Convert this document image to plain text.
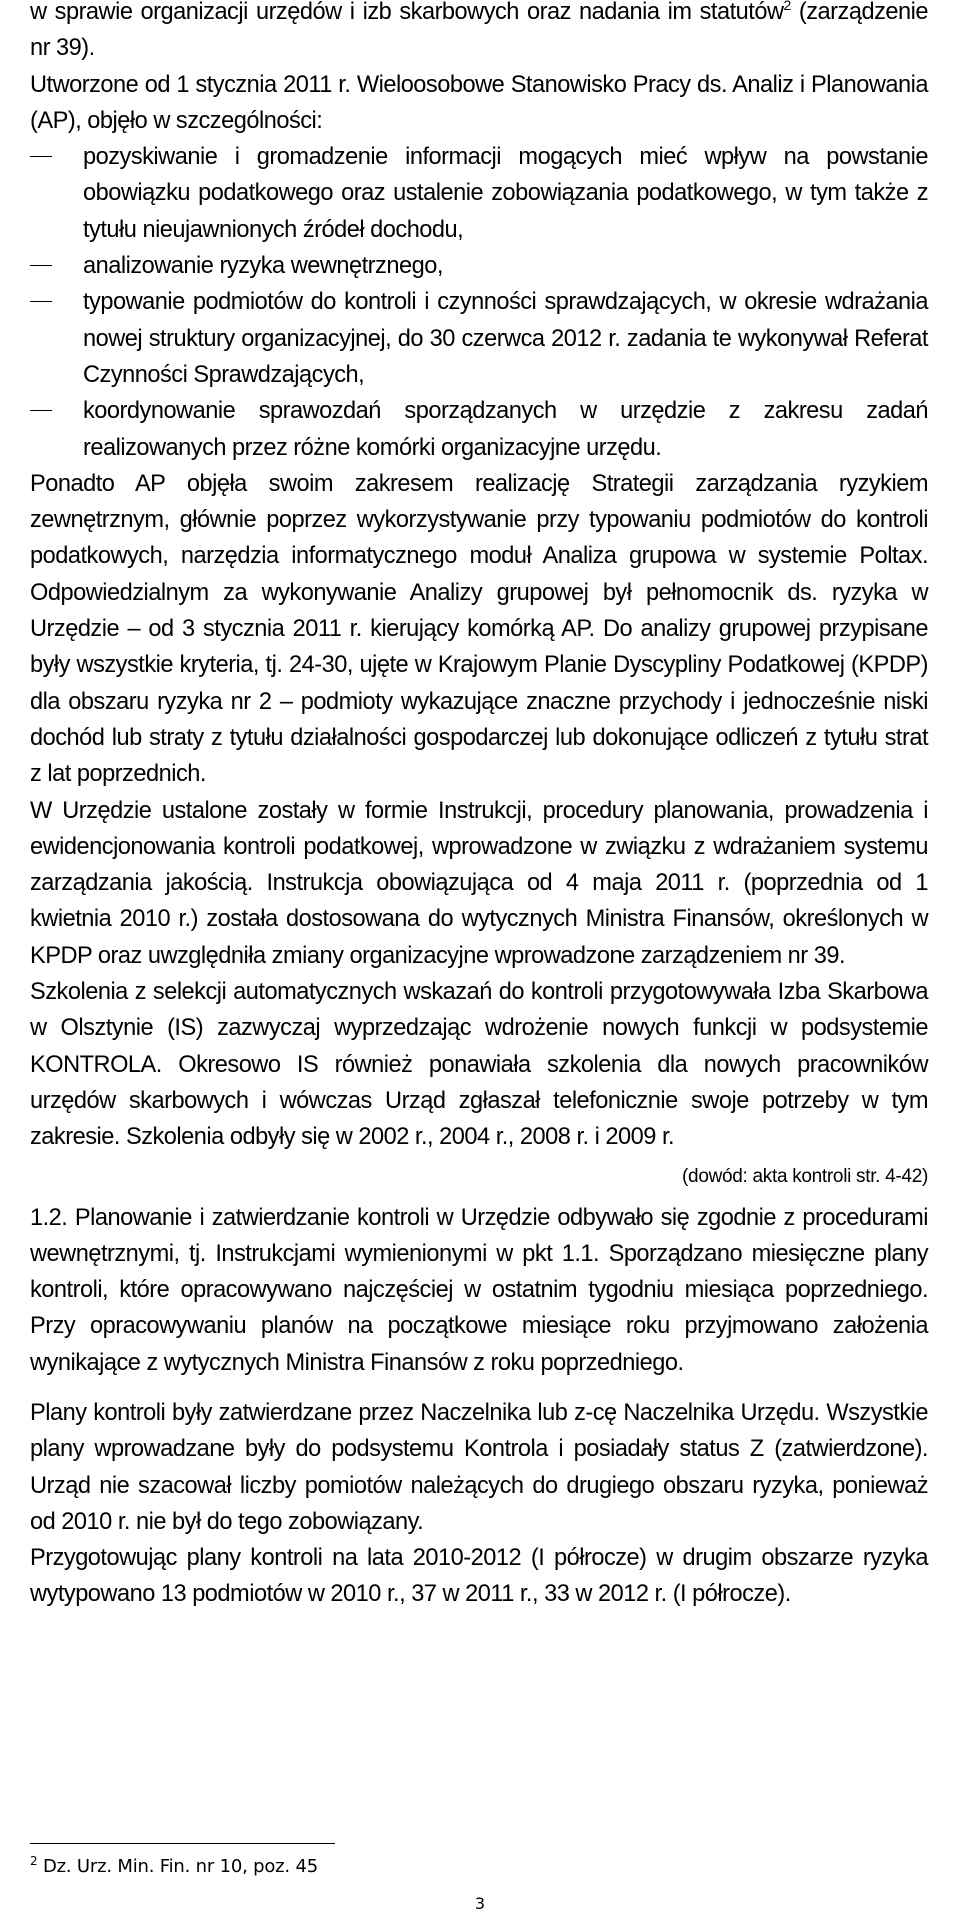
w sprawie organizacji urzędów i izb skarbowych oraz nadania im statutów$^2$ (zarządzenie nr 39).

Utworzone od 1 stycznia 2011 r. Wieloosobowe Stanowisko Pracy ds. Analiz i Planowania (AP), objęło w szczególności:

pozyskiwanie i gromadzenie informacji mogących mieć wpływ na powstanie obowiązku podatkowego oraz ustalenie zobowiązania podatkowego, w tym także z tytułu nieujawnionych źródeł dochodu,
analizowanie ryzyka wewnętrznego,
typowanie podmiotów do kontroli i czynności sprawdzających, w okresie wdrażania nowej struktury organizacyjnej, do 30 czerwca 2012 r. zadania te wykonywał Referat Czynności Sprawdzających,
koordynowanie sprawozdań sporządzanych w urzędzie z zakresu zadań realizowanych przez różne komórki organizacyjne urzędu.

Ponadto AP objęła swoim zakresem realizację Strategii zarządzania ryzykiem zewnętrznym, głównie poprzez wykorzystywanie przy typowaniu podmiotów do kontroli podatkowych, narzędzia informatycznego moduł Analiza grupowa w systemie Poltax. Odpowiedzialnym za wykonywanie Analizy grupowej był pełnomocnik ds. ryzyka w Urzędzie – od 3 stycznia 2011 r. kierujący komórką AP. Do analizy grupowej przypisane były wszystkie kryteria, tj. 24-30, ujęte w Krajowym Planie Dyscypliny Podatkowej (KPDP) dla obszaru ryzyka nr 2 – podmioty wykazujące znaczne przychody i jednocześnie niski dochód lub straty z tytułu działalności gospodarczej lub dokonujące odliczeń z tytułu strat z lat poprzednich.

W Urzędzie ustalone zostały w formie Instrukcji, procedury planowania, prowadzenia i ewidencjonowania kontroli podatkowej, wprowadzone w związku z wdrażaniem systemu zarządzania jakością. Instrukcja obowiązująca od 4 maja 2011 r. (poprzednia od 1 kwietnia 2010 r.) została dostosowana do wytycznych Ministra Finansów, określonych w KPDP oraz uwzględniła zmiany organizacyjne wprowadzone zarządzeniem nr 39.

Szkolenia z selekcji automatycznych wskazań do kontroli przygotowywała Izba Skarbowa w Olsztynie (IS) zazwyczaj wyprzedzając wdrożenie nowych funkcji w podsystemie KONTROLA. Okresowo IS również ponawiała szkolenia dla nowych pracowników urzędów skarbowych i wówczas Urząd zgłaszał telefonicznie swoje potrzeby w tym zakresie. Szkolenia odbyły się w 2002 r., 2004 r., 2008 r. i 2009 r.

(dowód: akta kontroli str. 4-42)

1.2. Planowanie i zatwierdzanie kontroli w Urzędzie odbywało się zgodnie z procedurami wewnętrznymi, tj. Instrukcjami wymienionymi w pkt 1.1. Sporządzano miesięczne plany kontroli, które opracowywano najczęściej w ostatnim tygodniu miesiąca poprzedniego. Przy opracowywaniu planów na początkowe miesiące roku przyjmowano założenia wynikające z wytycznych Ministra Finansów z roku poprzedniego.

Plany kontroli były zatwierdzane przez Naczelnika lub z-cę Naczelnika Urzędu. Wszystkie plany wprowadzane były do podsystemu Kontrola i posiadały status Z (zatwierdzone). Urząd nie szacował liczby pomiotów należących do drugiego obszaru ryzyka, ponieważ od 2010 r. nie był do tego zobowiązany.

Przygotowując plany kontroli na lata 2010-2012 (I półrocze) w drugim obszarze ryzyka wytypowano 13 podmiotów w 2010 r., 37 w 2011 r., 33 w 2012 r. (I półrocze).

$^2$ Dz. Urz. Min. Fin. nr 10, poz. 45
3
